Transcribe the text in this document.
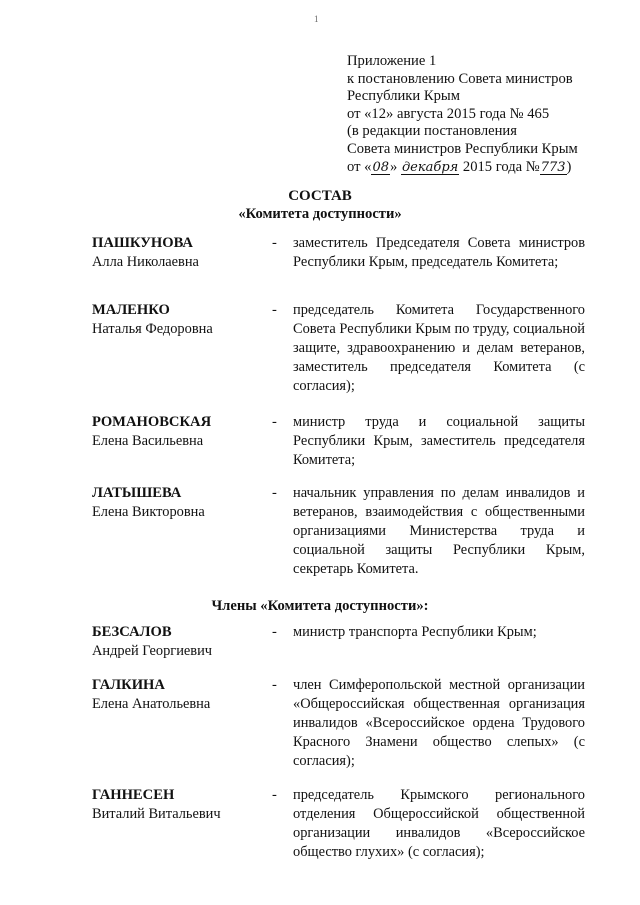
1
Приложение 1
к постановлению Совета министров
Республики Крым
от «12» августа 2015 года № 465
(в редакции постановления
Совета министров Республики Крым
от «08» декабря 2015 года №773)
СОСТАВ
«Комитета доступности»
ПАШКУНОВА
Алла Николаевна
- заместитель Председателя Совета министров Республики Крым, председатель Комитета;
МАЛЕНКО
Наталья Федоровна
- председатель Комитета Государственного Совета Республики Крым по труду, социальной защите, здравоохранению и делам ветеранов, заместитель председателя Комитета (с согласия);
РОМАНОВСКАЯ
Елена Васильевна
- министр труда и социальной защиты Республики Крым, заместитель председателя Комитета;
ЛАТЫШЕВА
Елена Викторовна
- начальник управления по делам инвалидов и ветеранов, взаимодействия с общественными организациями Министерства труда и социальной защиты Республики Крым, секретарь Комитета.
Члены «Комитета доступности»:
БЕЗСАЛОВ
Андрей Георгиевич
- министр транспорта Республики Крым;
ГАЛКИНА
Елена Анатольевна
- член Симферопольской местной организации «Общероссийская общественная организация инвалидов «Всероссийское ордена Трудового Красного Знамени общество слепых» (с согласия);
ГАННЕСЕН
Виталий Витальевич
- председатель Крымского регионального отделения Общероссийской общественной организации инвалидов «Всероссийское общество глухих» (с согласия);
